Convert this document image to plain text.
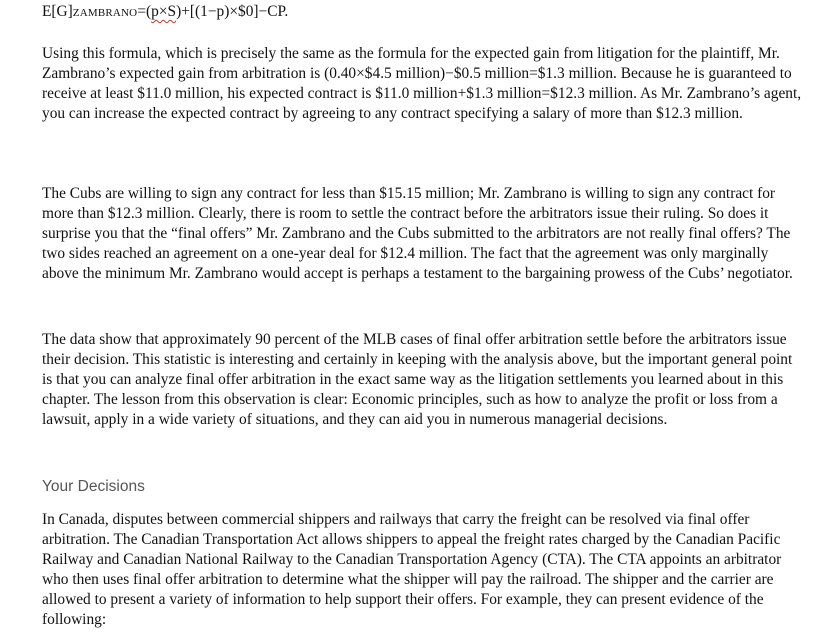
E[G]ZAMBRANO=(p×S)+[(1−p)×$0]−CP.

Using this formula, which is precisely the same as the formula for the expected gain from litigation for the plaintiff, Mr. Zambrano’s expected gain from arbitration is (0.40×$4.5 million)−$0.5 million=$1.3 million. Because he is guaranteed to receive at least $11.0 million, his expected contract is $11.0 million+$1.3 million=$12.3 million. As Mr. Zambrano’s agent, you can increase the expected contract by agreeing to any contract specifying a salary of more than $12.3 million.

The Cubs are willing to sign any contract for less than $15.15 million; Mr. Zambrano is willing to sign any contract for more than $12.3 million. Clearly, there is room to settle the contract before the arbitrators issue their ruling. So does it surprise you that the “final offers” Mr. Zambrano and the Cubs submitted to the arbitrators are not really final offers? The two sides reached an agreement on a one-year deal for $12.4 million. The fact that the agreement was only marginally above the minimum Mr. Zambrano would accept is perhaps a testament to the bargaining prowess of the Cubs’ negotiator.

The data show that approximately 90 percent of the MLB cases of final offer arbitration settle before the arbitrators issue their decision. This statistic is interesting and certainly in keeping with the analysis above, but the important general point is that you can analyze final offer arbitration in the exact same way as the litigation settlements you learned about in this chapter. The lesson from this observation is clear: Economic principles, such as how to analyze the profit or loss from a lawsuit, apply in a wide variety of situations, and they can aid you in numerous managerial decisions.

Your Decisions

In Canada, disputes between commercial shippers and railways that carry the freight can be resolved via final offer arbitration. The Canadian Transportation Act allows shippers to appeal the freight rates charged by the Canadian Pacific Railway and Canadian National Railway to the Canadian Transportation Agency (CTA). The CTA appoints an arbitrator who then uses final offer arbitration to determine what the shipper will pay the railroad. The shipper and the carrier are allowed to present a variety of information to help support their offers. For example, they can present evidence of the following:
